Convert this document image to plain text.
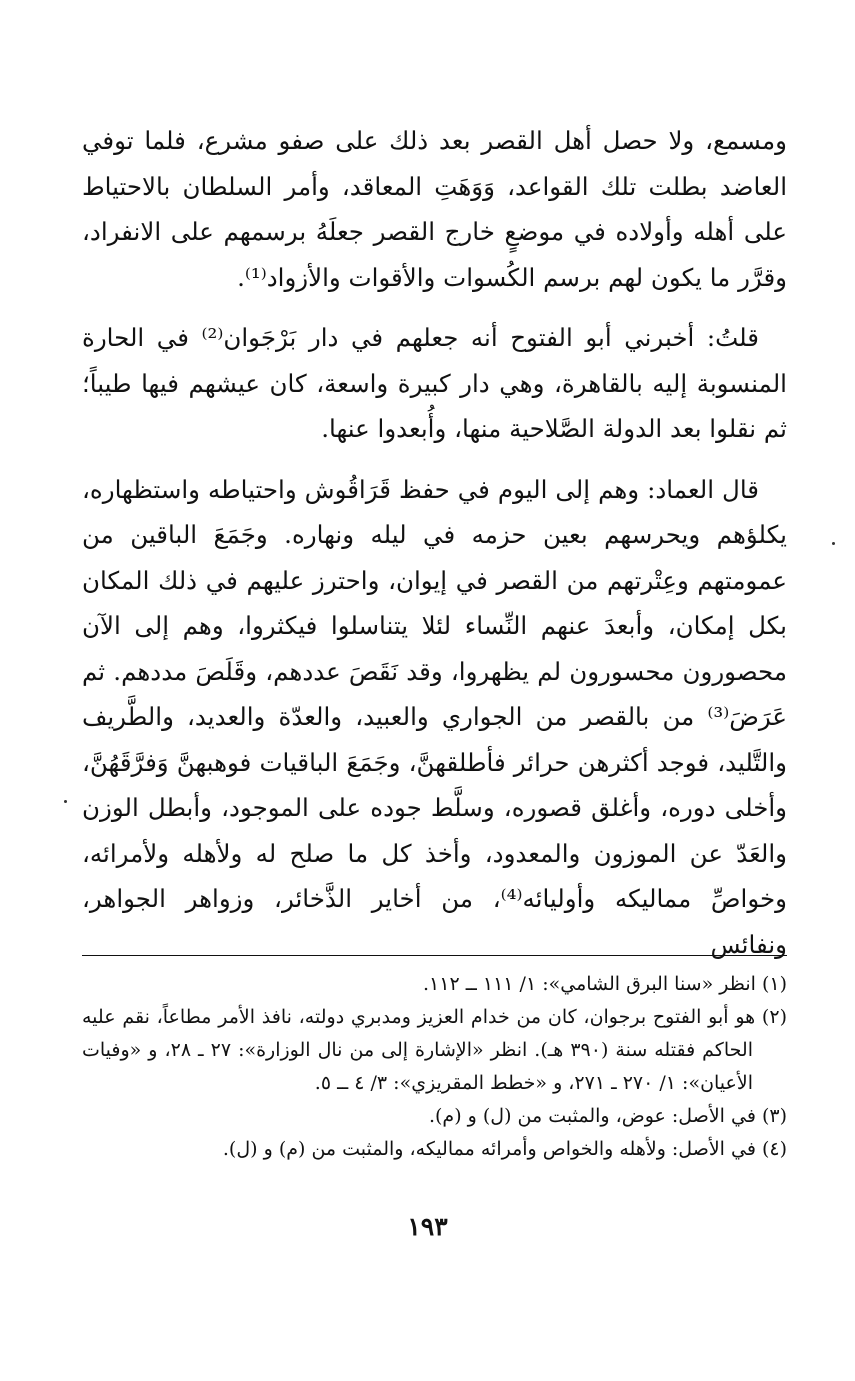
ومسمع، ولا حصل أهل القصر بعد ذلك على صفو مشرع، فلما توفي العاضد بطلت تلك القواعد، وَوَهَتِ المعاقد، وأمر السلطان بالاحتياط على أهله وأولاده في موضعٍ خارج القصر جعلَهُ برسمهم على الانفراد، وقرَّر ما يكون لهم برسم الكُسوات والأقوات والأزواد⁽¹⁾.

قلتُ: أخبرني أبو الفتوح أنه جعلهم في دار بَرْجَوان⁽²⁾ في الحارة المنسوبة إليه بالقاهرة، وهي دار كبيرة واسعة، كان عيشهم فيها طيباً؛ ثم نقلوا بعد الدولة الصَّلاحية منها، وأُبعدوا عنها.

قال العماد: وهم إلى اليوم في حفظ قَرَاقُوش واحتياطه واستظهاره، يكلؤهم ويحرسهم بعين حزمه في ليله ونهاره. وجَمَعَ الباقين من عمومتهم وعِتْرتهم من القصر في إيوان، واحترز عليهم في ذلك المكان بكل إمكان، وأبعدَ عنهم النِّساء لئلا يتناسلوا فيكثروا، وهم إلى الآن محصورون محسورون لم يظهروا، وقد نَقَصَ عددهم، وقَلَصَ مددهم. ثم عَرَضَ⁽³⁾ من بالقصر من الجواري والعبيد، والعدّة والعديد، والطَّريف والتَّليد، فوجد أكثرهن حرائر فأطلقهنَّ، وجَمَعَ الباقيات فوهبهنَّ وَفرَّقَهُنَّ، وأخلى دوره، وأغلق قصوره، وسلَّط جوده على الموجود، وأبطل الوزن والعَدّ عن الموزون والمعدود، وأخذ كل ما صلح له ولأهله ولأمرائه، وخواصِّ مماليكه وأوليائه⁽⁴⁾، من أخاير الذَّخائر، وزواهر الجواهر، ونفائس

(١) انظر «سنا البرق الشامي»: ١/ ١١١ ــ ١١٢.

(٢) هو أبو الفتوح برجوان، كان من خدام العزيز ومدبري دولته، نافذ الأمر مطاعاً، نقم عليه الحاكم فقتله سنة (٣٩٠ هـ). انظر «الإشارة إلى من نال الوزارة»: ٢٧ ـ ٢٨، و «وفيات الأعيان»: ١/ ٢٧٠ ـ ٢٧١، و «خطط المقريزي»: ٣/ ٤ ــ ٥.

(٣) في الأصل: عوض، والمثبت من (ل) و (م).

(٤) في الأصل: ولأهله والخواص وأمرائه مماليكه، والمثبت من (م) و (ل).

١٩٣
